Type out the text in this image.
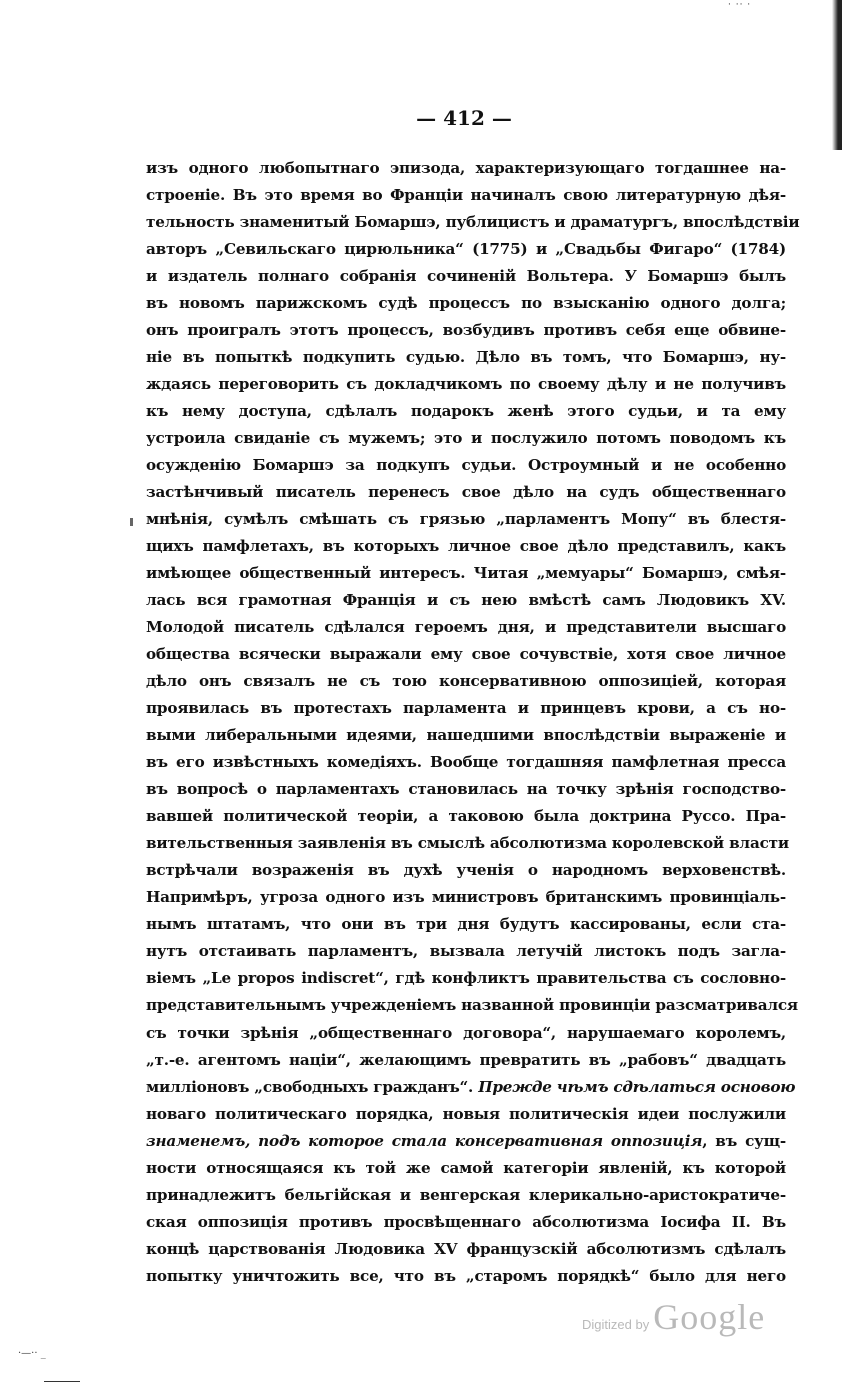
· ·· ·
— 412 —
изъ одного любопытнаго эпизода, характеризующаго тогдашнее на-
строеніе. Въ это время во Франціи начиналъ свою литературную дѣя-
тельность знаменитый Бомаршэ, публицистъ и драматургъ, впослѣдствіи
авторъ „Севильскаго цирюльника“ (1775) и „Свадьбы Фигаро“ (1784)
и издатель полнаго собранія сочиненій Вольтера. У Бомаршэ былъ
въ новомъ парижскомъ судѣ процессъ по взысканію одного долга;
онъ проигралъ этотъ процессъ, возбудивъ противъ себя еще обвине-
ніе въ попыткѣ подкупить судью. Дѣло въ томъ, что Бомаршэ, ну-
ждаясь переговорить съ докладчикомъ по своему дѣлу и не получивъ
къ нему доступа, сдѣлалъ подарокъ женѣ этого судьи, и та ему
устроила свиданіе съ мужемъ; это и послужило потомъ поводомъ къ
осужденію Бомаршэ за подкупъ судьи. Остроумный и не особенно
застѣнчивый писатель перенесъ свое дѣло на судъ общественнаго
мнѣнія, сумѣлъ смѣшать съ грязью „парламентъ Мопу“ въ блестя-
щихъ памфлетахъ, въ которыхъ личное свое дѣло представилъ, какъ
имѣющее общественный интересъ. Читая „мемуары“ Бомаршэ, смѣя-
лась вся грамотная Франція и съ нею вмѣстѣ самъ Людовикъ XV.
Молодой писатель сдѣлался героемъ дня, и представители высшаго
общества всячески выражали ему свое сочувствіе, хотя свое личное
дѣло онъ связалъ не съ тою консервативною оппозиціей, которая
проявилась въ протестахъ парламента и принцевъ крови, а съ но-
выми либеральными идеями, нашедшими впослѣдствіи выраженіе и
въ его извѣстныхъ комедіяхъ. Вообще тогдашняя памфлетная пресса
въ вопросѣ о парламентахъ становилась на точку зрѣнія господство-
вавшей политической теоріи, а таковою была доктрина Руссо. Пра-
вительственныя заявленія въ смыслѣ абсолютизма королевской власти
встрѣчали возраженія въ духѣ ученія о народномъ верховенствѣ.
Напримѣръ, угроза одного изъ министровъ британскимъ провинціаль-
нымъ штатамъ, что они въ три дня будутъ кассированы, если ста-
нутъ отстаивать парламентъ, вызвала летучій листокъ подъ загла-
віемъ „Le propos indiscret“, гдѣ конфликтъ правительства съ сословно-
представительнымъ учрежденіемъ названной провинціи разсматривался
съ точки зрѣнія „общественнаго договора“, нарушаемаго королемъ,
„т.-е. агентомъ націи“, желающимъ превратить въ „рабовъ“ двадцать
милліоновъ „свободныхъ гражданъ“. Прежде чѣмъ сдѣлаться основою
новаго политическаго порядка, новыя политическія идеи послужили
знаменемъ, подъ которое стала консервативная оппозиція, въ сущ-
ности относящаяся къ той же самой категоріи явленій, къ которой
принадлежитъ бельгійская и венгерская клерикально-аристократиче-
ская оппозиція противъ просвѣщеннаго абсолютизма Іосифа II. Въ
концѣ царствованія Людовика XV французскій абсолютизмъ сдѣлалъ
попытку уничтожить все, что въ „старомъ порядкѣ“ было для него
Digitized by Google
·—·· _
